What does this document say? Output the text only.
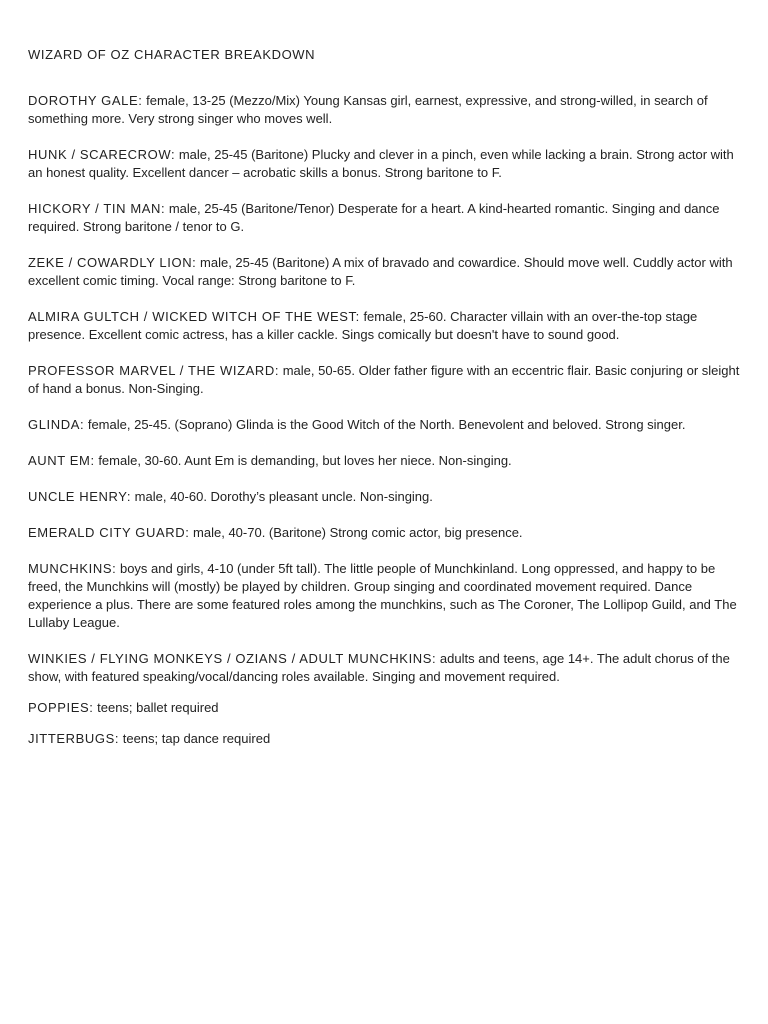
WIZARD OF OZ CHARACTER BREAKDOWN

DOROTHY GALE: female, 13-25 (Mezzo/Mix) Young Kansas girl, earnest, expressive, and strong-willed, in search of something more. Very strong singer who moves well.

HUNK / SCARECROW: male, 25-45 (Baritone) Plucky and clever in a pinch, even while lacking a brain. Strong actor with an honest quality. Excellent dancer – acrobatic skills a bonus. Strong baritone to F.

HICKORY / TIN MAN: male, 25-45 (Baritone/Tenor) Desperate for a heart. A kind-hearted romantic. Singing and dance required. Strong baritone / tenor to G.

ZEKE / COWARDLY LION: male, 25-45 (Baritone) A mix of bravado and cowardice. Should move well. Cuddly actor with excellent comic timing. Vocal range: Strong baritone to F.

ALMIRA GULTCH / WICKED WITCH OF THE WEST: female, 25-60. Character villain with an over-the-top stage presence. Excellent comic actress, has a killer cackle. Sings comically but doesn't have to sound good.

PROFESSOR MARVEL / THE WIZARD: male, 50-65. Older father figure with an eccentric flair. Basic conjuring or sleight of hand a bonus. Non-Singing.

GLINDA: female, 25-45. (Soprano) Glinda is the Good Witch of the North. Benevolent and beloved. Strong singer.

AUNT EM: female, 30-60. Aunt Em is demanding, but loves her niece. Non-singing.

UNCLE HENRY: male, 40-60. Dorothy’s pleasant uncle. Non-singing.

EMERALD CITY GUARD: male, 40-70. (Baritone) Strong comic actor, big presence.

MUNCHKINS: boys and girls, 4-10 (under 5ft tall). The little people of Munchkinland. Long oppressed, and happy to be freed, the Munchkins will (mostly) be played by children. Group singing and coordinated movement required. Dance experience a plus. There are some featured roles among the munchkins, such as The Coroner, The Lollipop Guild, and The Lullaby League.

WINKIES / FLYING MONKEYS / OZIANS / ADULT MUNCHKINS: adults and teens, age 14+. The adult chorus of the show, with featured speaking/vocal/dancing roles available. Singing and movement required.

POPPIES: teens; ballet required

JITTERBUGS: teens; tap dance required
